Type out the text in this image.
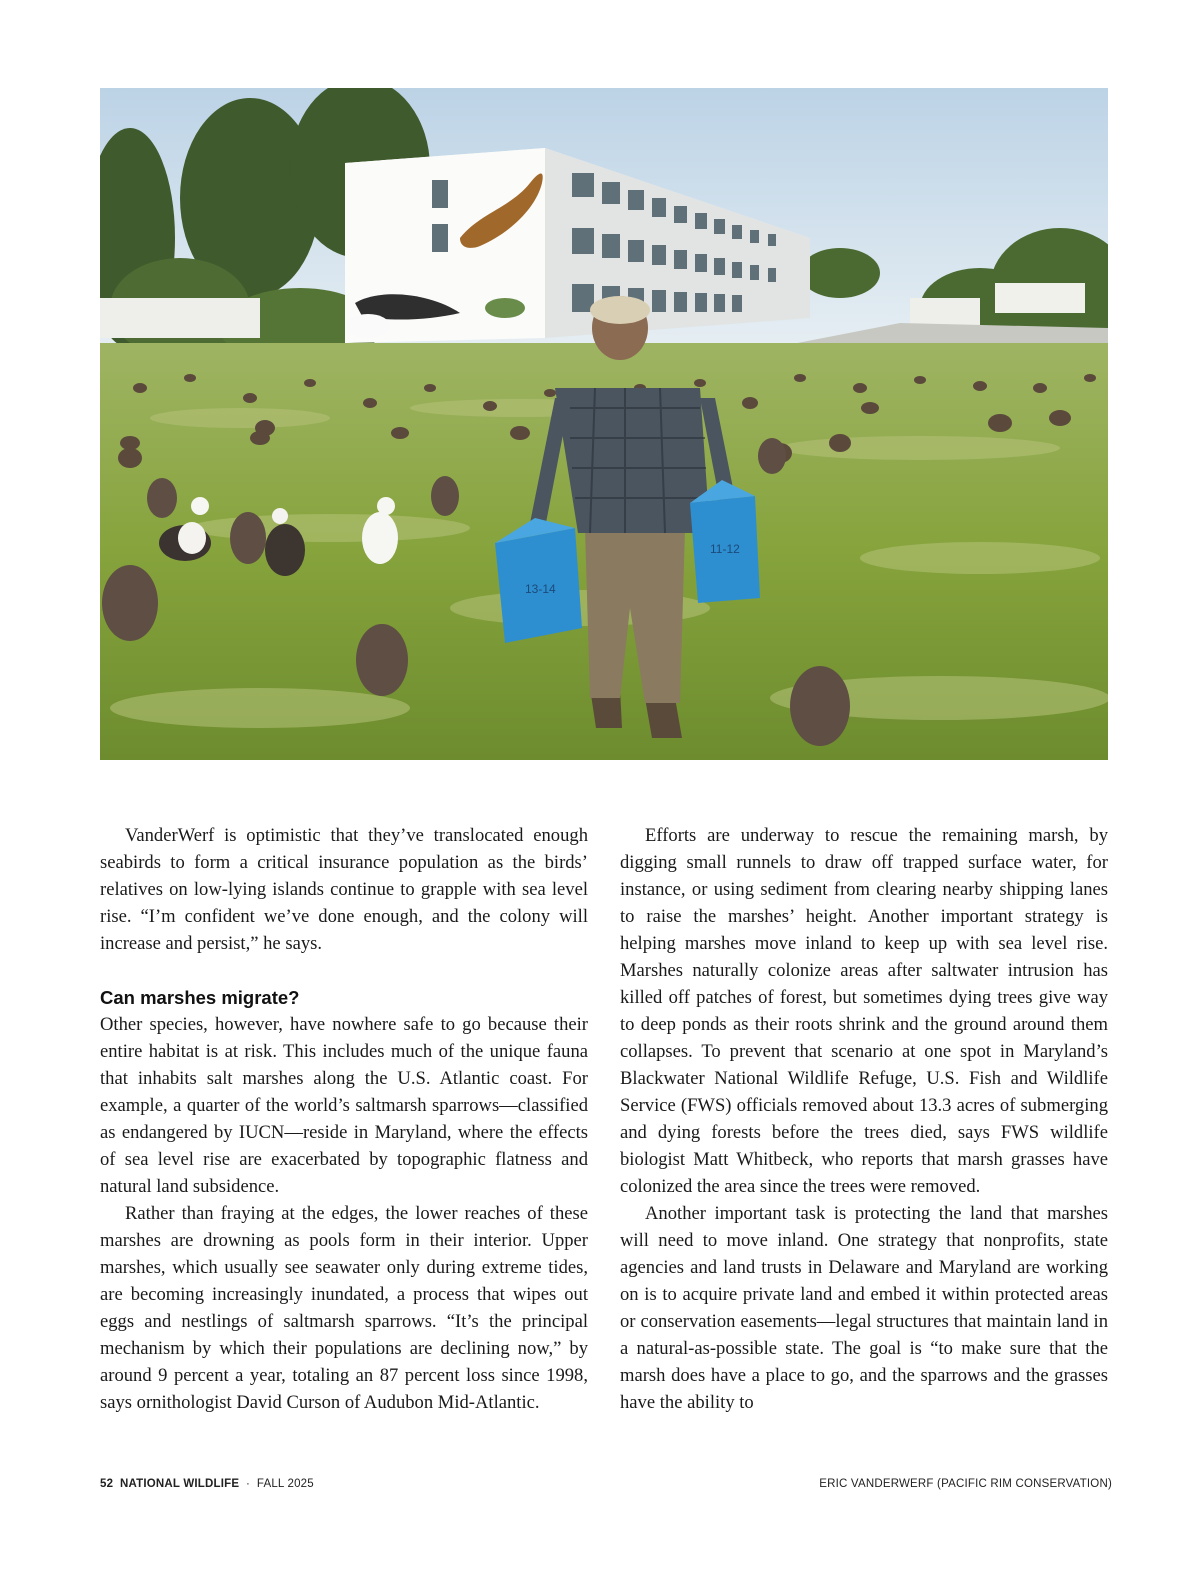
13-14
11-12

VanderWerf is optimistic that they’ve translocated enough seabirds to form a critical insurance population as the birds’ relatives on low-lying islands continue to grapple with sea level rise. “I’m confident we’ve done enough, and the colony will increase and persist,” he says.

Can marshes migrate?

Other species, however, have nowhere safe to go because their entire habitat is at risk. This includes much of the unique fauna that inhabits salt marshes along the U.S. Atlantic coast. For example, a quarter of the world’s saltmarsh sparrows—classified as endangered by IUCN—reside in Maryland, where the effects of sea level rise are exacerbated by topographic flatness and natural land subsidence.

Rather than fraying at the edges, the lower reaches of these marshes are drowning as pools form in their interior. Upper marshes, which usually see seawater only during extreme tides, are becoming increasingly inundated, a process that wipes out eggs and nestlings of saltmarsh sparrows. “It’s the principal mechanism by which their populations are declining now,” by around 9 percent a year, totaling an 87 percent loss since 1998, says ornithologist David Curson of Audubon Mid-Atlantic.

Efforts are underway to rescue the remaining marsh, by digging small runnels to draw off trapped surface water, for instance, or using sediment from clearing nearby shipping lanes to raise the marshes’ height. Another important strategy is helping marshes move inland to keep up with sea level rise. Marshes naturally colonize areas after saltwater intrusion has killed off patches of forest, but sometimes dying trees give way to deep ponds as their roots shrink and the ground around them collapses. To prevent that scenario at one spot in Maryland’s Blackwater National Wildlife Refuge, U.S. Fish and Wildlife Service (FWS) officials removed about 13.3 acres of submerging and dying forests before the trees died, says FWS wildlife biologist Matt Whitbeck, who reports that marsh grasses have colonized the area since the trees were removed.

Another important task is protecting the land that marshes will need to move inland. One strategy that nonprofits, state agencies and land trusts in Delaware and Maryland are working on is to acquire private land and embed it within protected areas or conservation easements—legal structures that maintain land in a natural-as-possible state. The goal is “to make sure that the marsh does have a place to go, and the sparrows and the grasses have the ability to

52 NATIONAL WILDLIFE · FALL 2025	ERIC VANDERWERF (PACIFIC RIM CONSERVATION)
